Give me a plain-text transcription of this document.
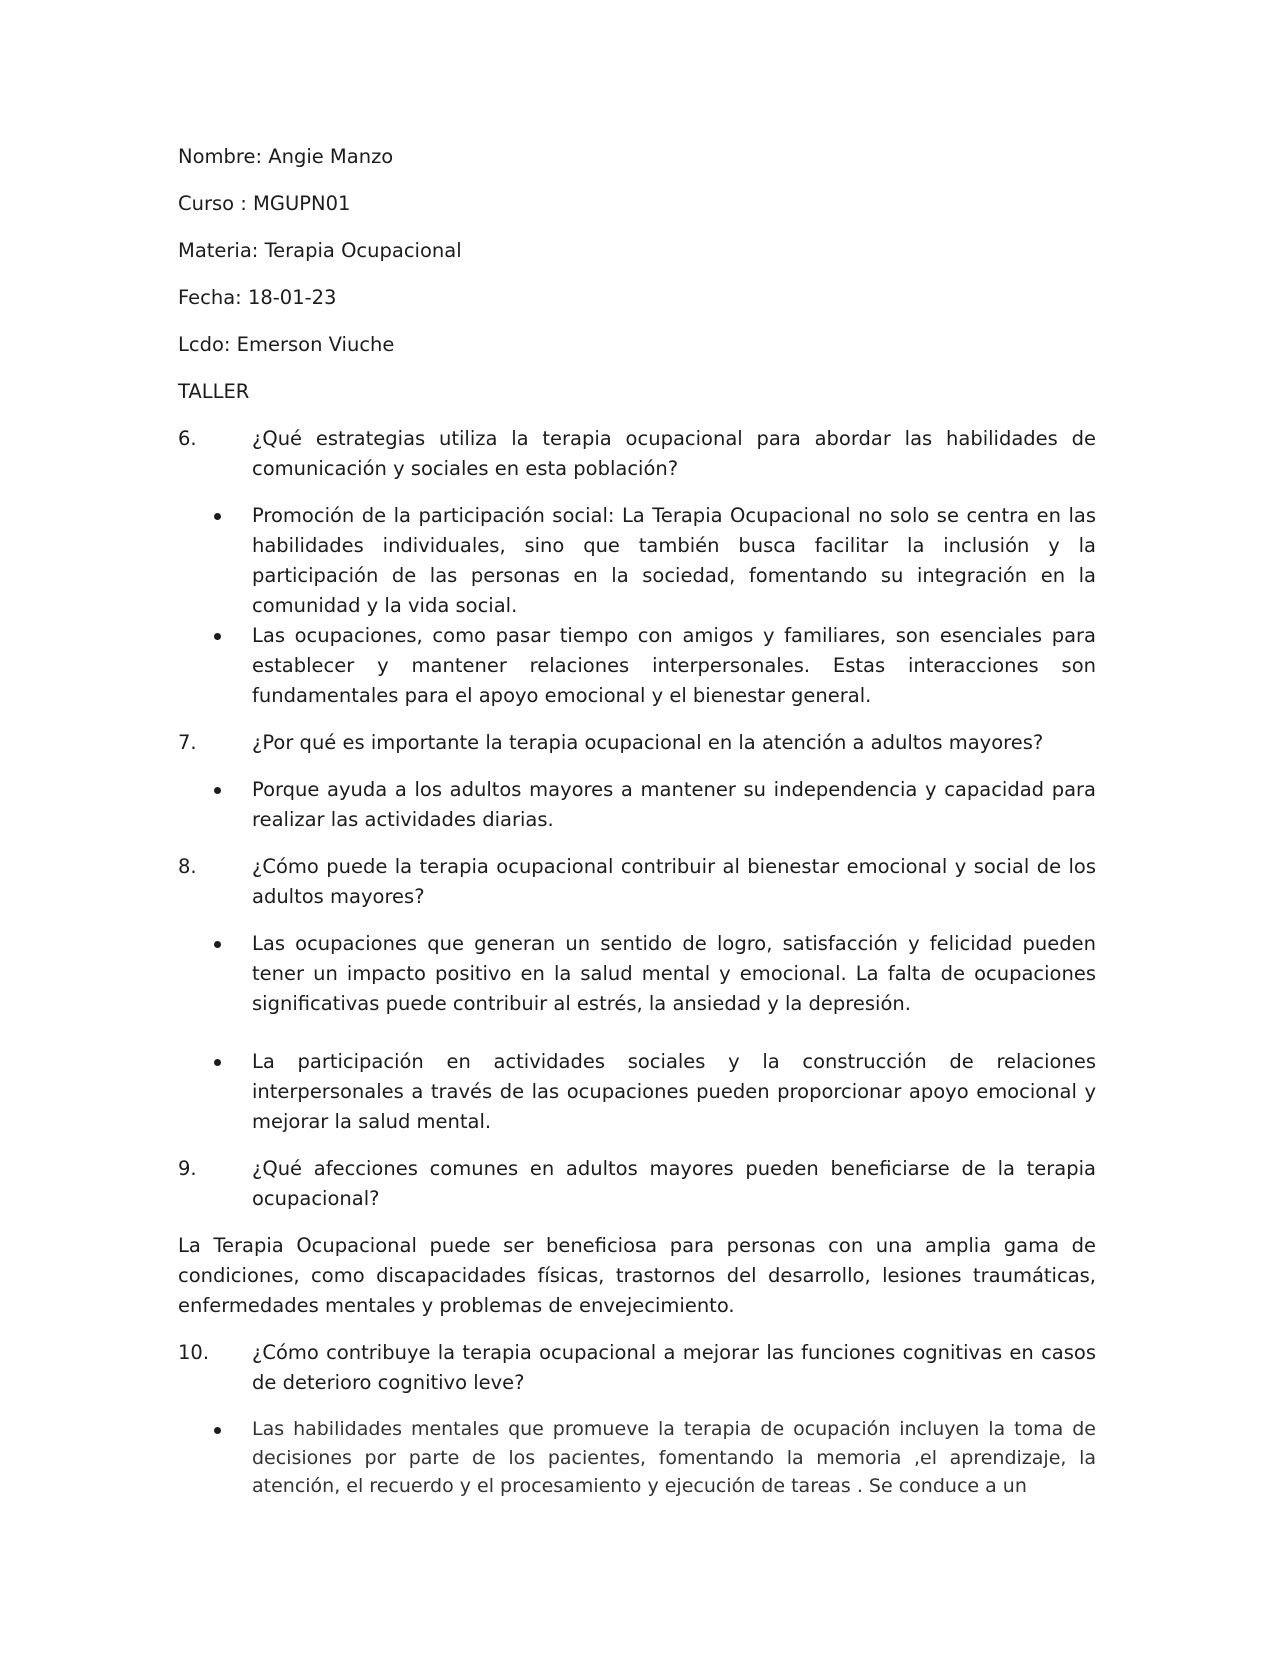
Nombre: Angie Manzo
Curso : MGUPN01
Materia: Terapia Ocupacional
Fecha: 18-01-23
Lcdo: Emerson Viuche
TALLER

6.	¿Qué estrategias utiliza la terapia ocupacional para abordar las habilidades de comunicación y sociales en esta población?

Promoción de la participación social: La Terapia Ocupacional no solo se centra en las habilidades individuales, sino que también busca facilitar la inclusión y la participación de las personas en la sociedad, fomentando su integración en la comunidad y la vida social.
Las ocupaciones, como pasar tiempo con amigos y familiares, son esenciales para establecer y mantener relaciones interpersonales. Estas interacciones son fundamentales para el apoyo emocional y el bienestar general.

7.	¿Por qué es importante la terapia ocupacional en la atención a adultos mayores?

Porque ayuda a los adultos mayores a mantener su independencia y capacidad para realizar las actividades diarias.

8.	¿Cómo puede la terapia ocupacional contribuir al bienestar emocional y social de los adultos mayores?

Las ocupaciones que generan un sentido de logro, satisfacción y felicidad pueden tener un impacto positivo en la salud mental y emocional. La falta de ocupaciones significativas puede contribuir al estrés, la ansiedad y la depresión.
La participación en actividades sociales y la construcción de relaciones interpersonales a través de las ocupaciones pueden proporcionar apoyo emocional y mejorar la salud mental.

9.	¿Qué afecciones comunes en adultos mayores pueden beneficiarse de la terapia ocupacional?

La Terapia Ocupacional puede ser beneficiosa para personas con una amplia gama de condiciones, como discapacidades físicas, trastornos del desarrollo, lesiones traumáticas, enfermedades mentales y problemas de envejecimiento.

10. ¿Cómo contribuye la terapia ocupacional a mejorar las funciones cognitivas en casos de deterioro cognitivo leve?

Las habilidades mentales que promueve la terapia de ocupación incluyen la toma de decisiones por parte de los pacientes, fomentando la memoria ,el aprendizaje, la atención, el recuerdo y el procesamiento y ejecución de tareas . Se conduce a un
